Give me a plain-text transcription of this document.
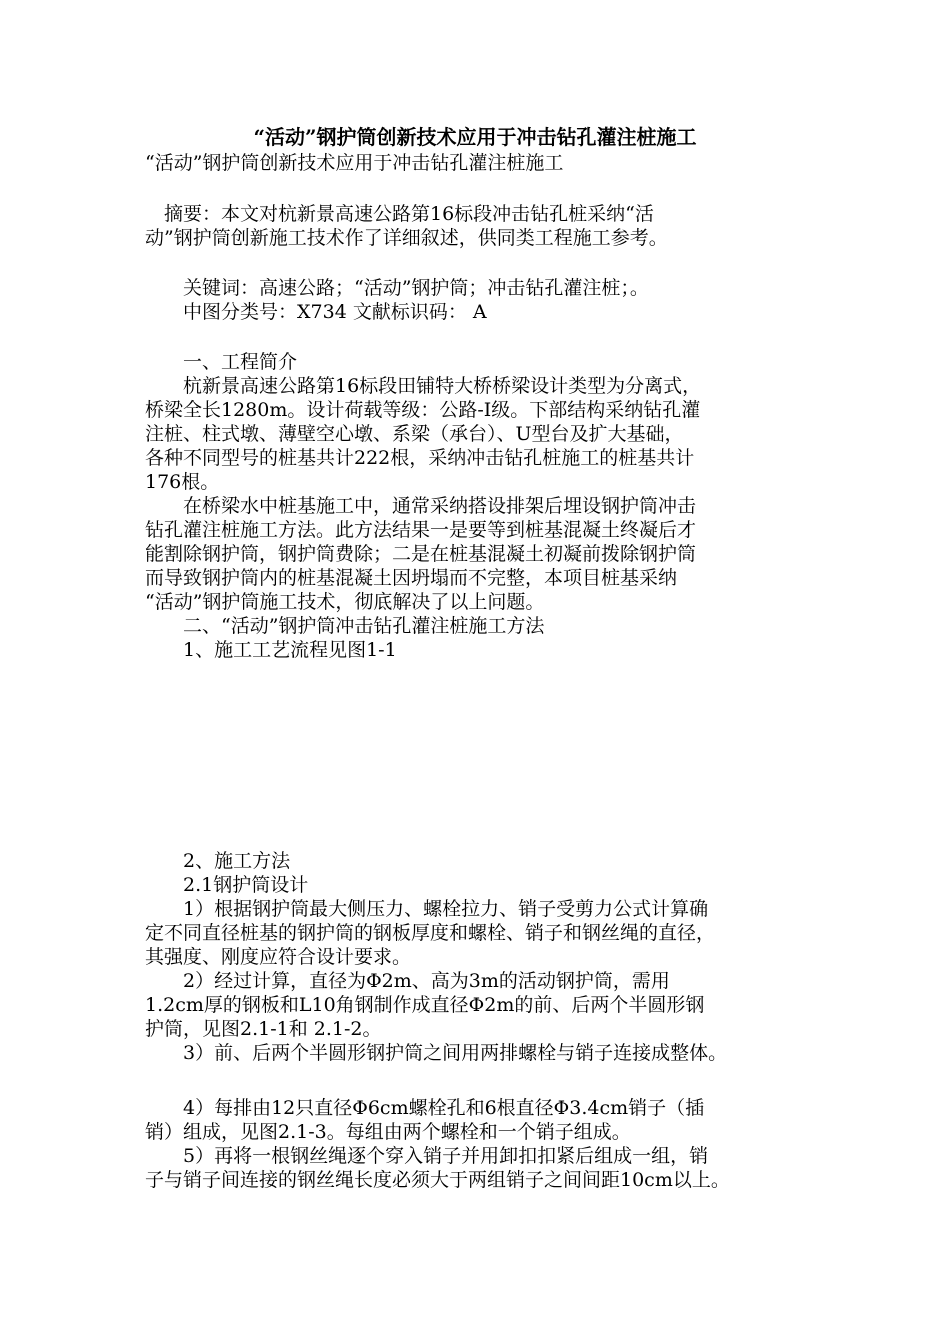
“活动”钢护筒创新技术应用于冲击钻孔灌注桩施工
“活动”钢护筒创新技术应用于冲击钻孔灌注桩施工
　摘要：本文对杭新景高速公路第16标段冲击钻孔桩采纳“活
动”钢护筒创新施工技术作了详细叙述，供同类工程施工参考。
　　关键词：高速公路；“活动”钢护筒；冲击钻孔灌注桩；。
　　中图分类号：X734 文献标识码： A
　　一、工程简介
　　杭新景高速公路第16标段田铺特大桥桥梁设计类型为分离式，
桥梁全长1280m。设计荷载等级：公路-Ⅰ级。下部结构采纳钻孔灌
注桩、柱式墩、薄壁空心墩、系梁（承台）、U型台及扩大基础，
各种不同型号的桩基共计222根，采纳冲击钻孔桩施工的桩基共计
176根。
　　在桥梁水中桩基施工中，通常采纳搭设排架后埋设钢护筒冲击
钻孔灌注桩施工方法。此方法结果一是要等到桩基混凝土终凝后才
能割除钢护筒，钢护筒费除；二是在桩基混凝土初凝前拨除钢护筒
而导致钢护筒内的桩基混凝土因坍塌而不完整，本项目桩基采纳
“活动”钢护筒施工技术，彻底解决了以上问题。
　　二、“活动”钢护筒冲击钻孔灌注桩施工方法
　　1、施工工艺流程见图1-1
　　2、施工方法
　　2.1钢护筒设计
　　1）根据钢护筒最大侧压力、螺栓拉力、销子受剪力公式计算确
定不同直径桩基的钢护筒的钢板厚度和螺栓、销子和钢丝绳的直径，
其强度、刚度应符合设计要求。
　　2）经过计算，直径为Φ2m、高为3m的活动钢护筒，需用
1.2cm厚的钢板和L10角钢制作成直径Φ2m的前、后两个半圆形钢
护筒，见图2.1-1和 2.1-2。
　　3）前、后两个半圆形钢护筒之间用两排螺栓与销子连接成整体。
　　4）每排由12只直径Φ6cm螺栓孔和6根直径Φ3.4cm销子（插
销）组成，见图2.1-3。每组由两个螺栓和一个销子组成。
　　5）再将一根钢丝绳逐个穿入销子并用卸扣扣紧后组成一组，销
子与销子间连接的钢丝绳长度必须大于两组销子之间间距10cm以上。
